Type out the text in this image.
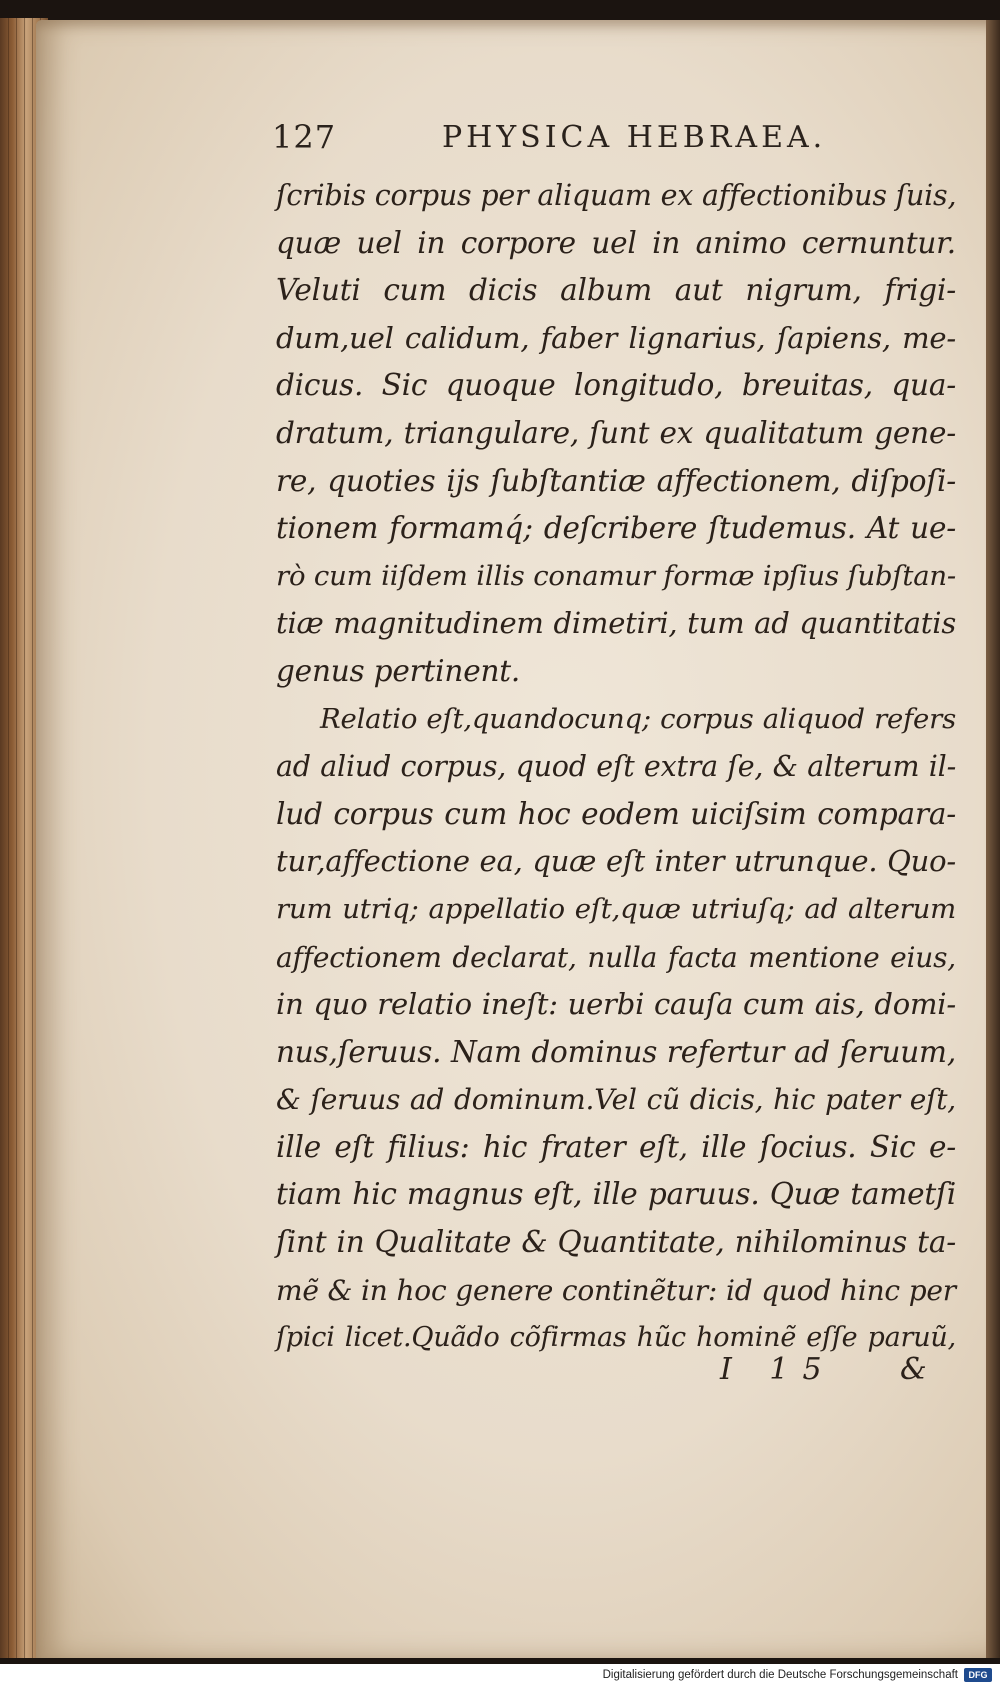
127	PHYSICA HEBRAEA.
ſcribis corpus per aliquam ex affectionibus ſuis,
quæ uel in corpore uel in animo cernuntur.
Veluti cum dicis album aut nigrum, frigi-
dum,uel calidum, faber lignarius, ſapiens, me-
dicus. Sic quoque longitudo, breuitas, qua-
dratum, triangulare, ſunt ex qualitatum gene-
re, quoties ijs ſubſtantiæ affectionem, diſpoſi-
tionem formamq́; deſcribere ſtudemus. At ue-
rò cum iiſdem illis conamur formæ ipſius ſubſtan-
tiæ magnitudinem dimetiri, tum ad quantitatis
genus pertinent.
Relatio eſt,quandocunq; corpus aliquod refers
ad aliud corpus, quod eſt extra ſe, & alterum il-
lud corpus cum hoc eodem uiciſsim compara-
tur,affectione ea, quæ eſt inter utrunque. Quo-
rum utriq; appellatio eſt,quæ utriuſq; ad alterum
affectionem declarat, nulla facta mentione eius,
in quo relatio ineſt: uerbi cauſa cum ais, domi-
nus,ſeruus. Nam dominus refertur ad ſeruum,
& ſeruus ad dominum.Vel cũ dicis, hic pater eſt,
ille eſt filius: hic frater eſt, ille ſocius. Sic e-
tiam hic magnus eſt, ille paruus. Quæ tametſi
ſint in Qualitate & Quantitate, nihilominus ta-
mẽ & in hoc genere continẽtur: id quod hinc per
ſpici licet.Quãdo cõfirmas hũc hominẽ eſſe paruũ,
I 15 &
Digitalisierung gefördert durch die Deutsche Forschungsgemeinschaft	DFG
